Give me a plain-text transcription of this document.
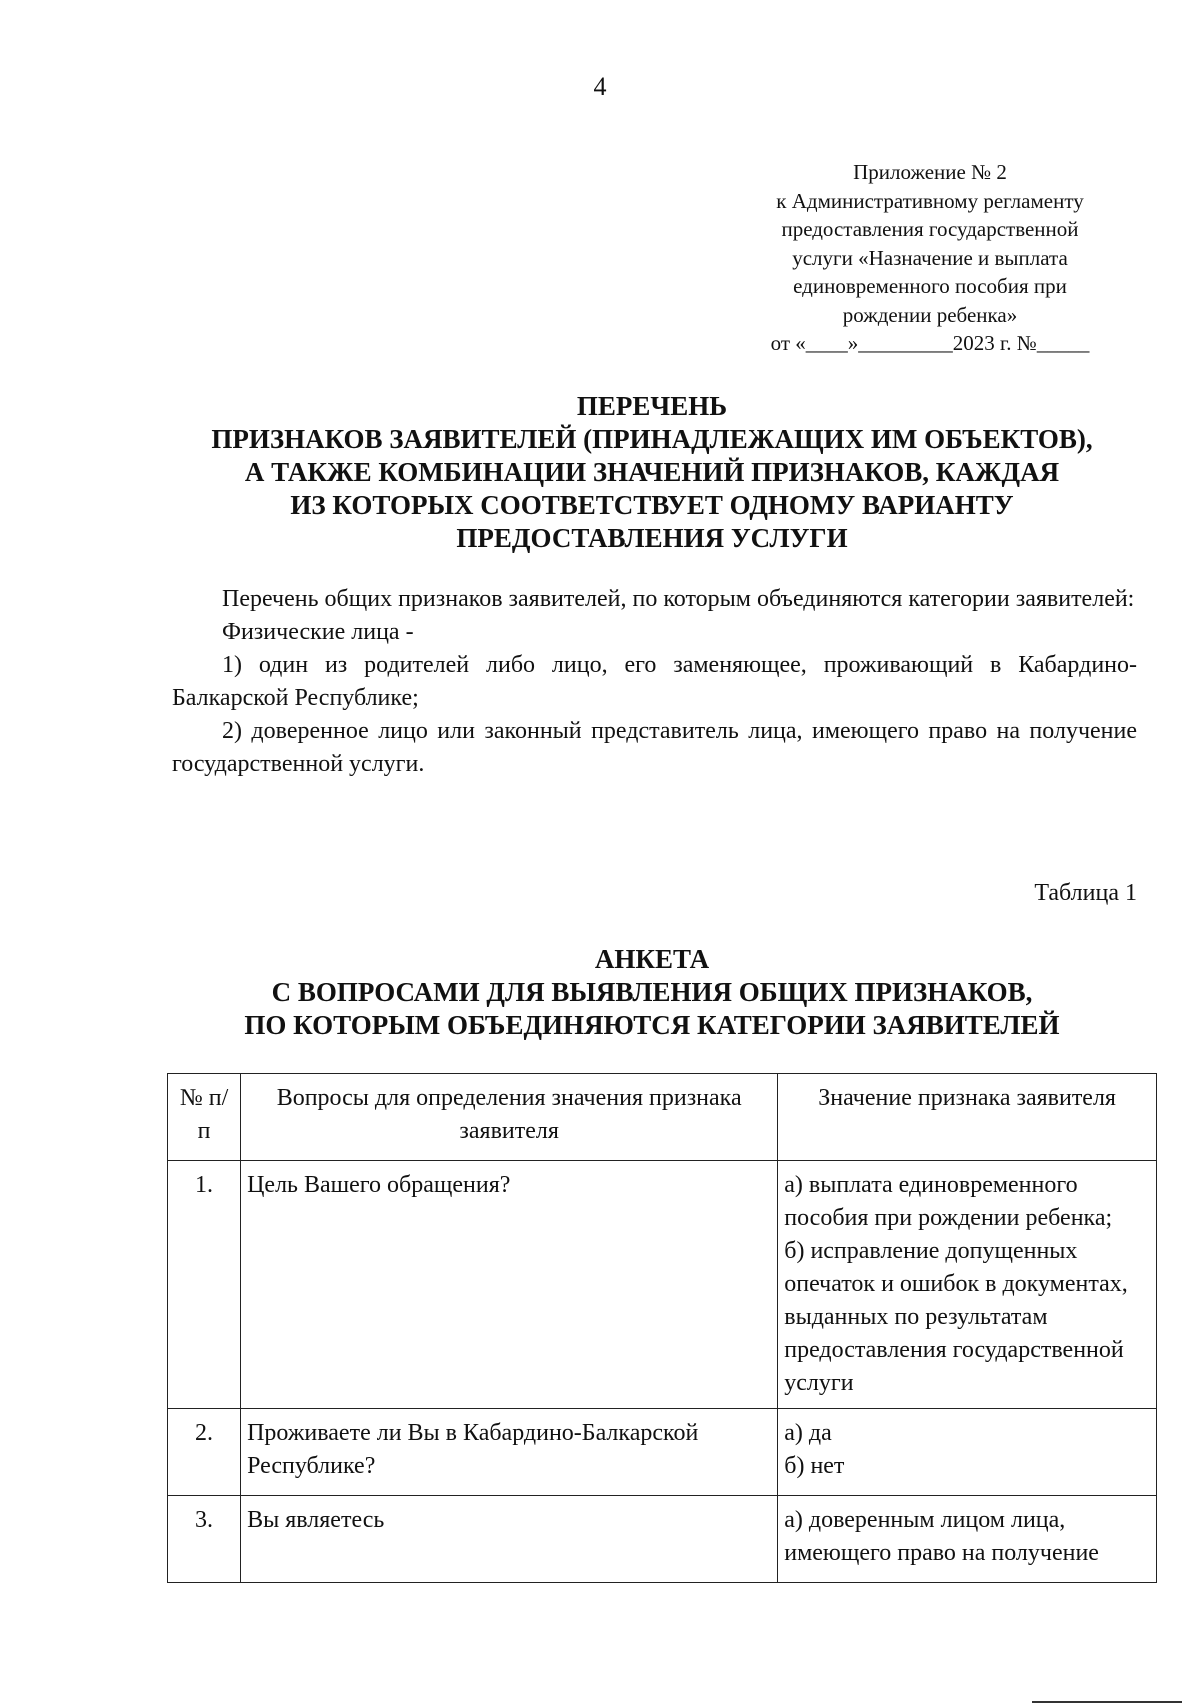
4
Приложение № 2
к Административному регламенту
предоставления государственной
услуги «Назначение и выплата
единовременного пособия при
рождении ребенка»
от «____»_________2023 г. №_____
ПЕРЕЧЕНЬ
ПРИЗНАКОВ ЗАЯВИТЕЛЕЙ (ПРИНАДЛЕЖАЩИХ ИМ ОБЪЕКТОВ),
А ТАКЖЕ КОМБИНАЦИИ ЗНАЧЕНИЙ ПРИЗНАКОВ, КАЖДАЯ
ИЗ КОТОРЫХ СООТВЕТСТВУЕТ ОДНОМУ ВАРИАНТУ
ПРЕДОСТАВЛЕНИЯ УСЛУГИ

Перечень общих признаков заявителей, по которым объединяются категории заявителей:

Физические лица -

1) один из родителей либо лицо, его заменяющее, проживающий в Кабардино-Балкарской Республике;

2) доверенное лицо или законный представитель лица, имеющего право на получение государственной услуги.

Таблица 1
АНКЕТА
С ВОПРОСАМИ ДЛЯ ВЫЯВЛЕНИЯ ОБЩИХ ПРИЗНАКОВ,
ПО КОТОРЫМ ОБЪЕДИНЯЮТСЯ КАТЕГОРИИ ЗАЯВИТЕЛЕЙ
№ п/п	Вопросы для определения значения признака заявителя	Значение признака заявителя
1.	Цель Вашего обращения?	а) выплата единовременного пособия при рождении ребенка;
б) исправление допущенных опечаток и ошибок в документах, выданных по результатам предоставления государственной услуги

2.	Проживаете ли Вы в Кабардино-Балкарской Республике?	а) да
б) нет

3.	Вы являетесь	а) доверенным лицом лица, имеющего право на получение
